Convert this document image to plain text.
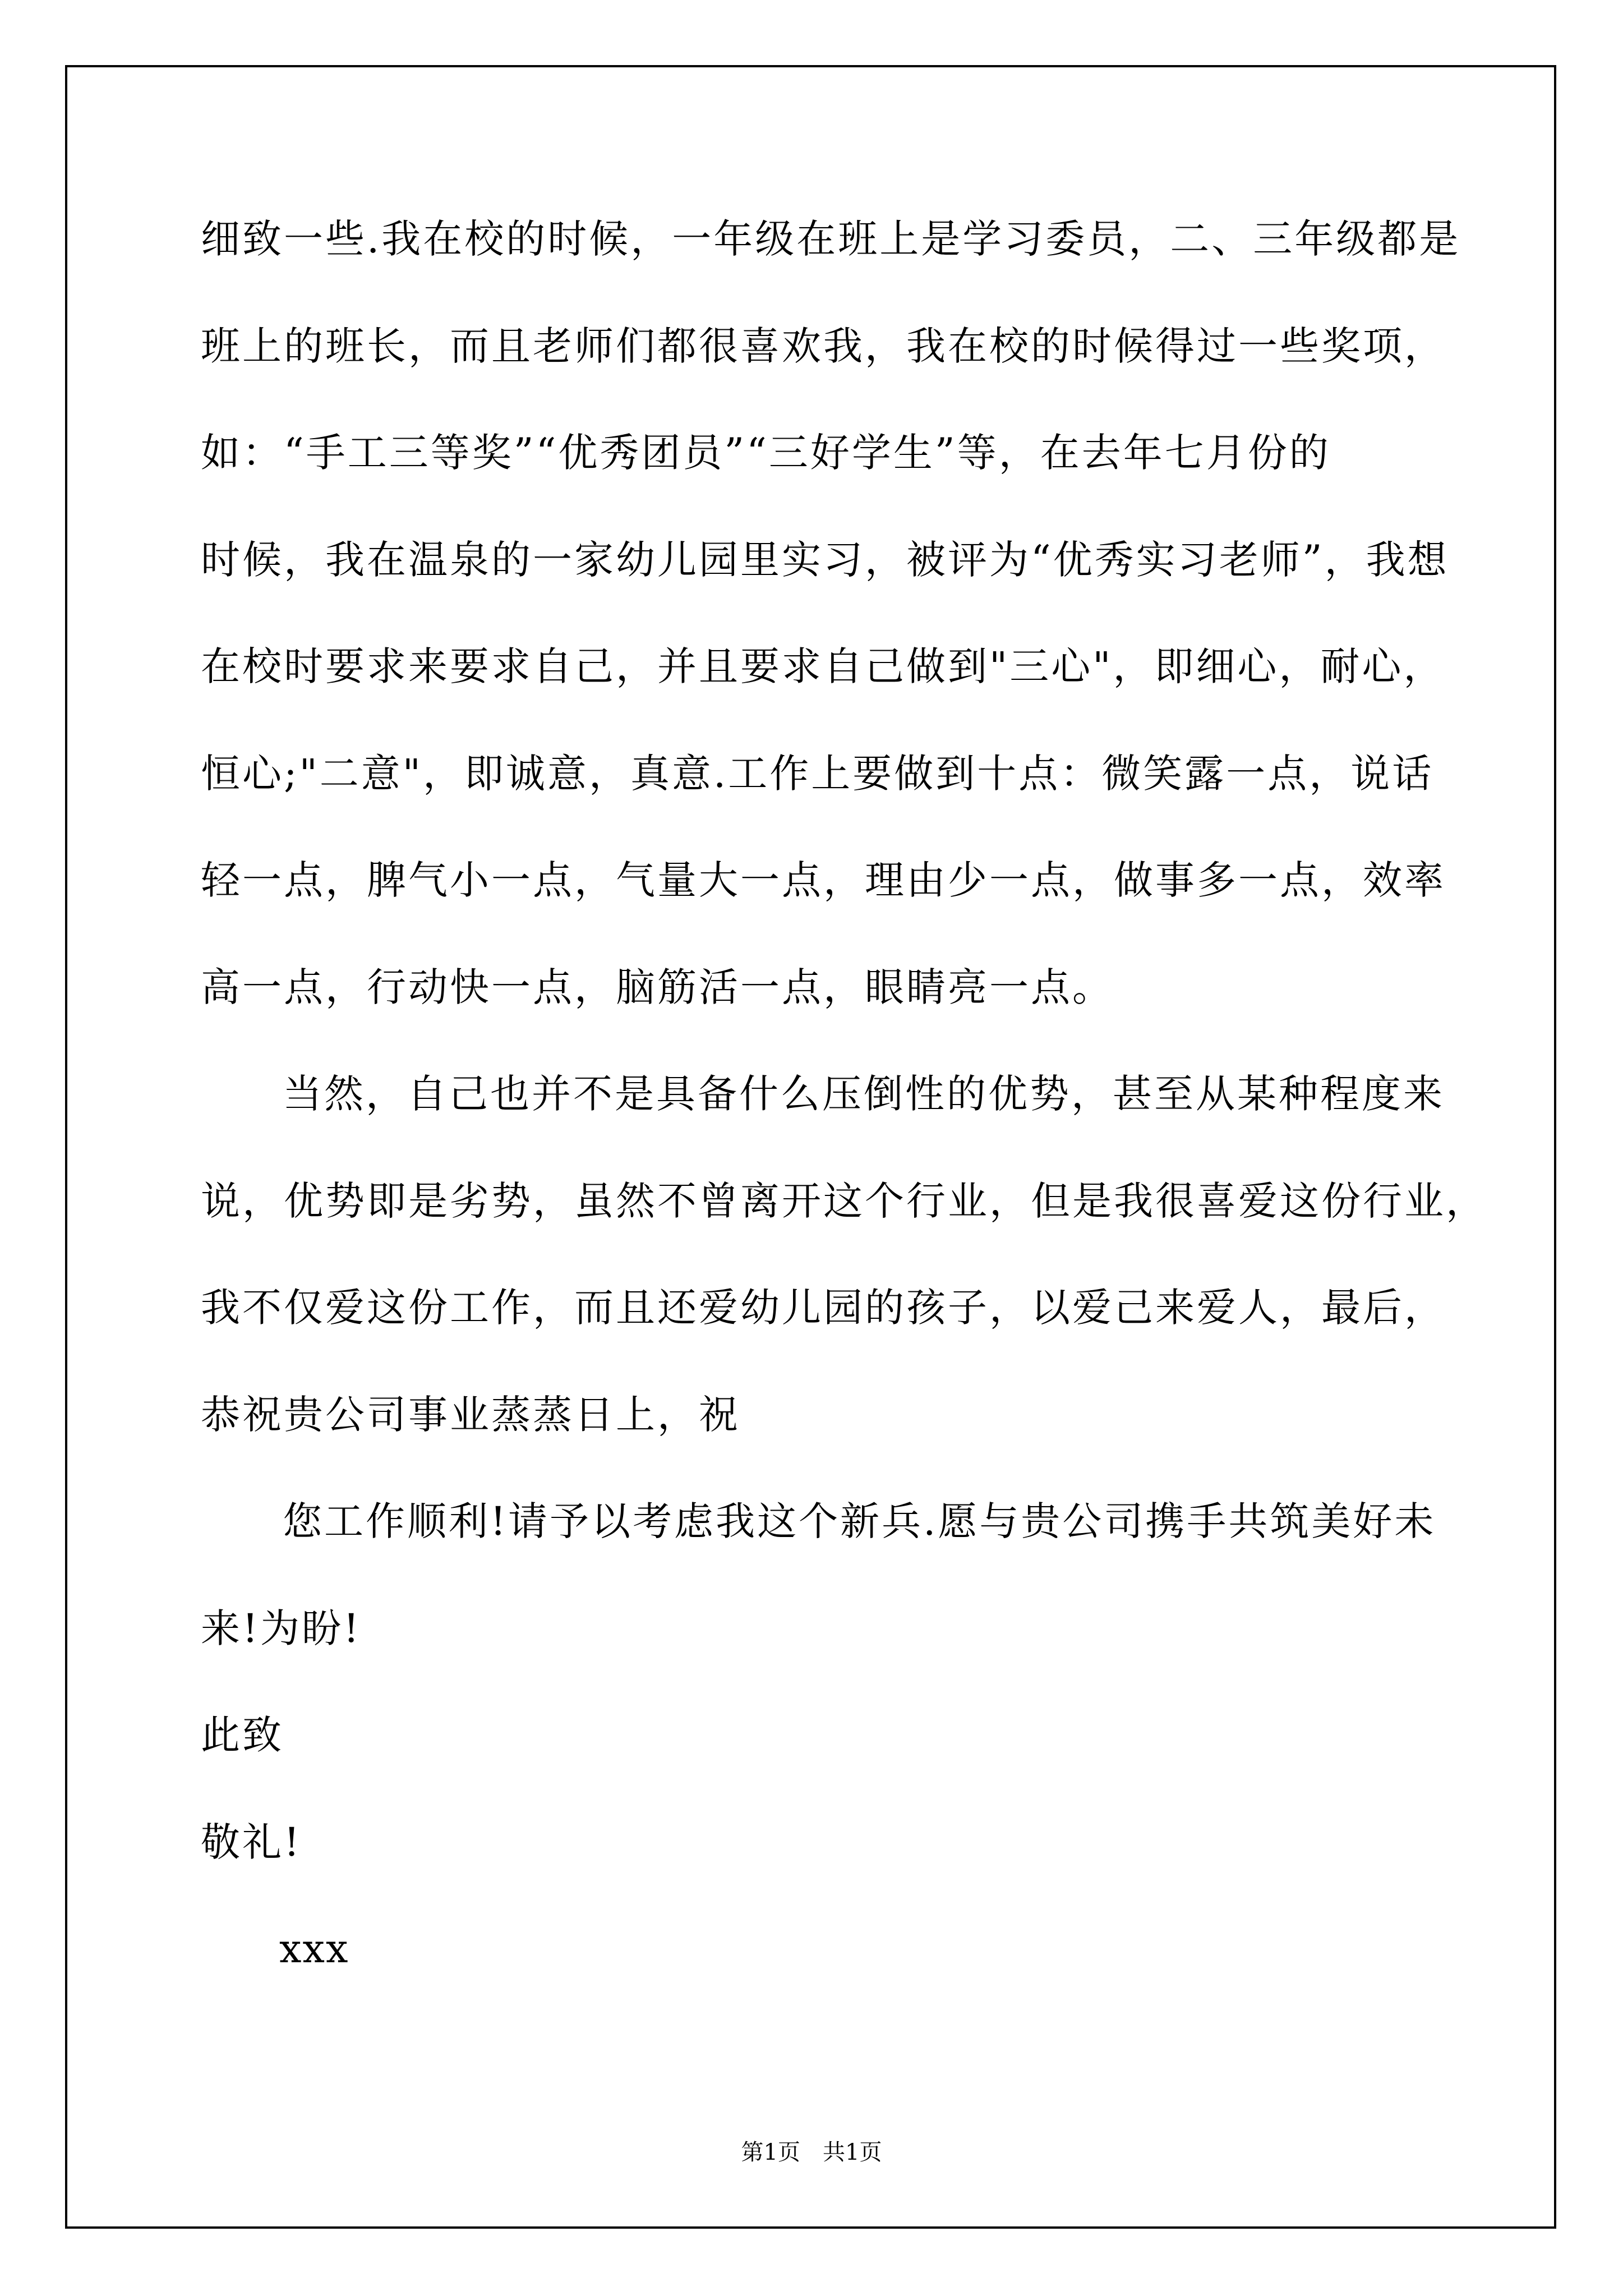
细致一些.我在校的时候，一年级在班上是学习委员，二、三年级都是
班上的班长，而且老师们都很喜欢我，我在校的时候得过一些奖项，
如：“手工三等奖”“优秀团员”“三好学生”等，在去年七月份的
时候，我在温泉的一家幼儿园里实习，被评为“优秀实习老师”，我想
在校时要求来要求自己，并且要求自己做到"三心"，即细心，耐心，
恒心;"二意"，即诚意，真意.工作上要做到十点：微笑露一点，说话
轻一点，脾气小一点，气量大一点，理由少一点，做事多一点，效率
高一点，行动快一点，脑筋活一点，眼睛亮一点。
当然，自己也并不是具备什么压倒性的优势，甚至从某种程度来
说，优势即是劣势，虽然不曾离开这个行业，但是我很喜爱这份行业，
我不仅爱这份工作，而且还爱幼儿园的孩子，以爱己来爱人，最后，
恭祝贵公司事业蒸蒸日上，祝
您工作顺利!请予以考虑我这个新兵.愿与贵公司携手共筑美好未
来!为盼!
此致
敬礼!
xxx
第1页　共1页
